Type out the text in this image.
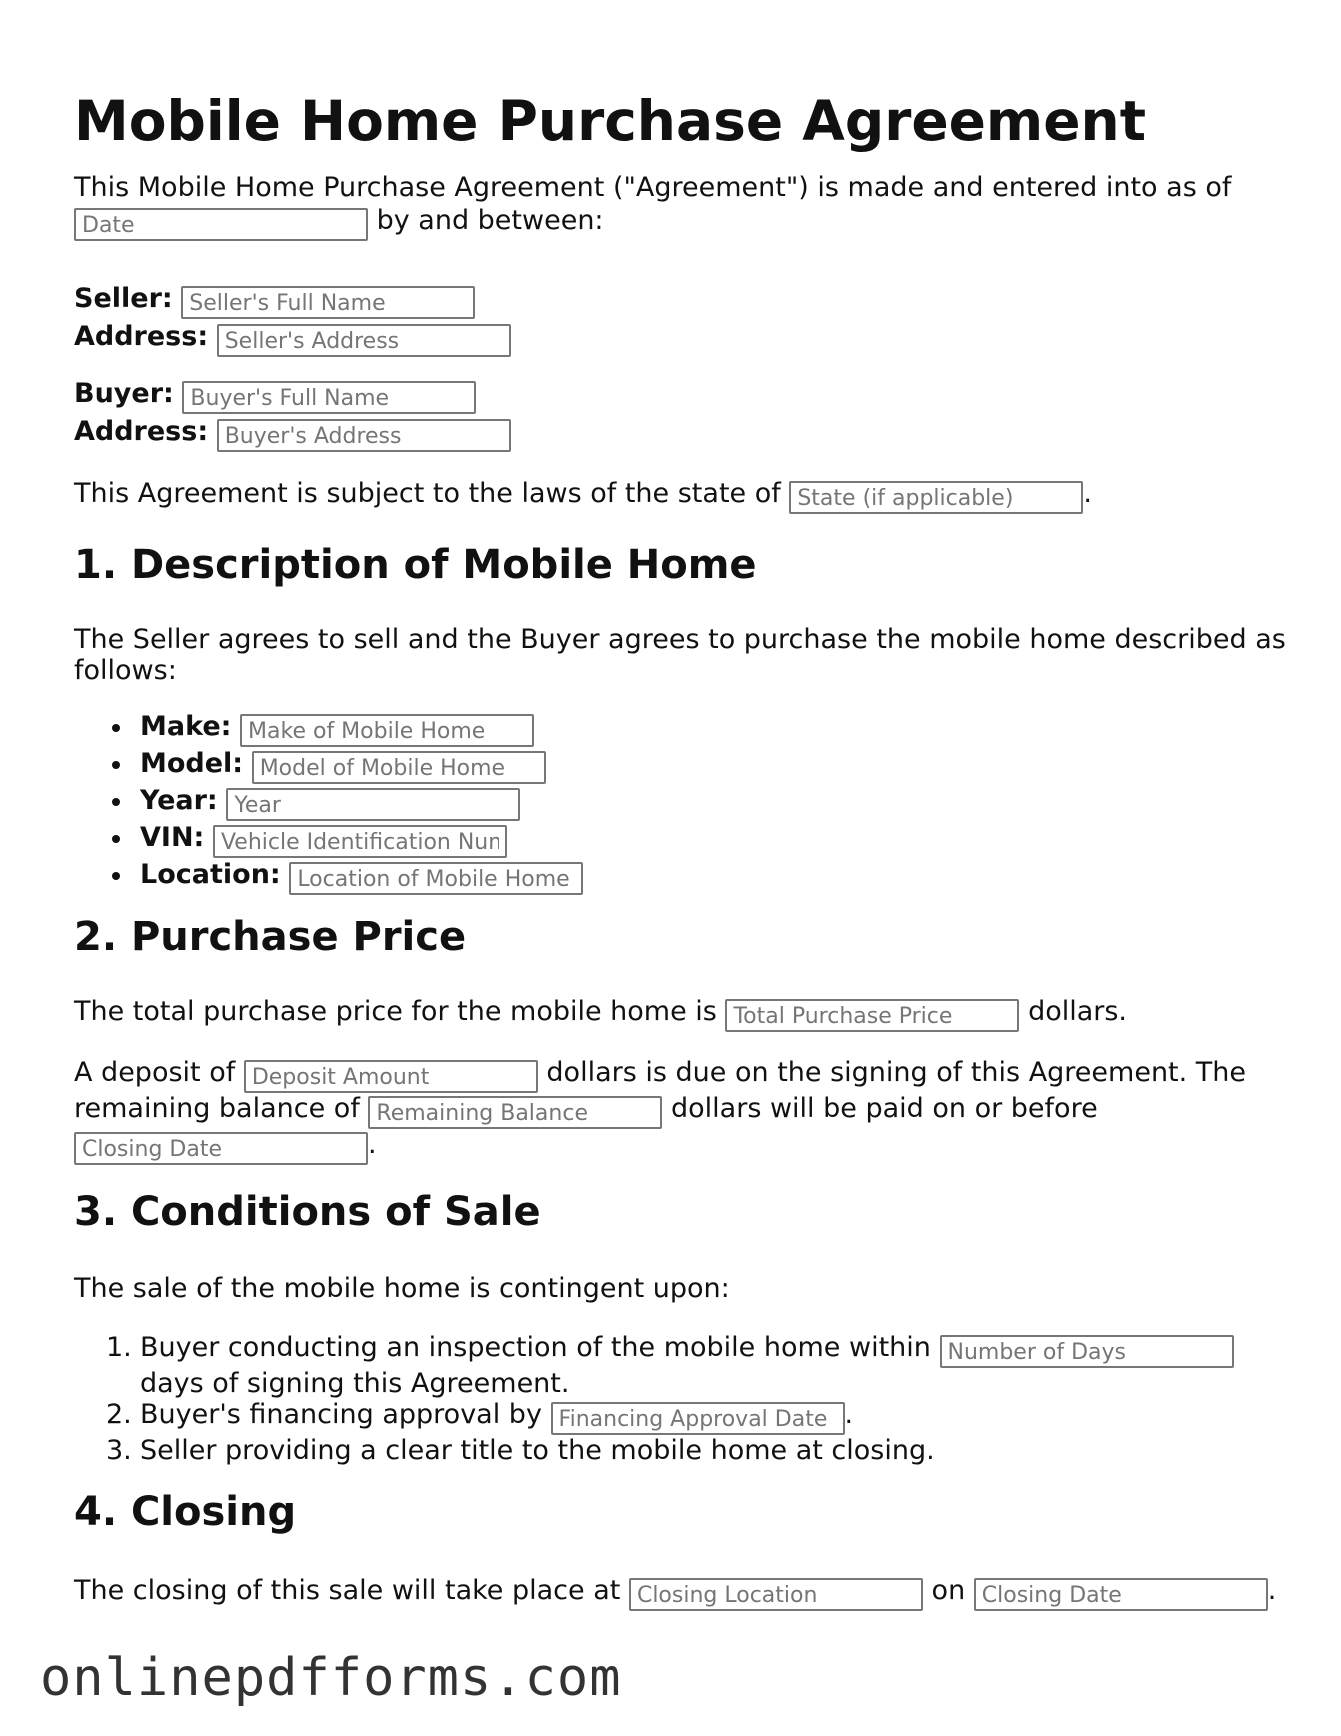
Mobile Home Purchase Agreement
This Mobile Home Purchase Agreement ("Agreement") is made and entered into as of
Date by and between:
Seller: Seller's Full Name
Address: Seller's Address
Buyer: Buyer's Full Name
Address: Buyer's Address
This Agreement is subject to the laws of the state of State (if applicable)	.
1. Description of Mobile Home
The Seller agrees to sell and the Buyer agrees to purchase the mobile home described as
follows:
Make: Make of Mobile Home
Model: Model of Mobile Home
Year: Year
VIN: Vehicle Identification Num
Location: Location of Mobile Home
2. Purchase Price
The total purchase price for the mobile home is Total Purchase Price	dollars.
A deposit of Deposit Amount	dollars is due on the signing of this Agreement. The
remaining balance of Remaining Balance	dollars will be paid on or before
Closing Date.
3. Conditions of Sale
The sale of the mobile home is contingent upon:
1. Buyer conducting an inspection of the mobile home within Number of Days
days of signing this Agreement.
2. Buyer's financing approval by Financing Approval Date	.
3. Seller providing a clear title to the mobile home at closing.
4. Closing
The closing of this sale will take place at Closing Location	on Closing Date	.
onlinepdfforms.com
